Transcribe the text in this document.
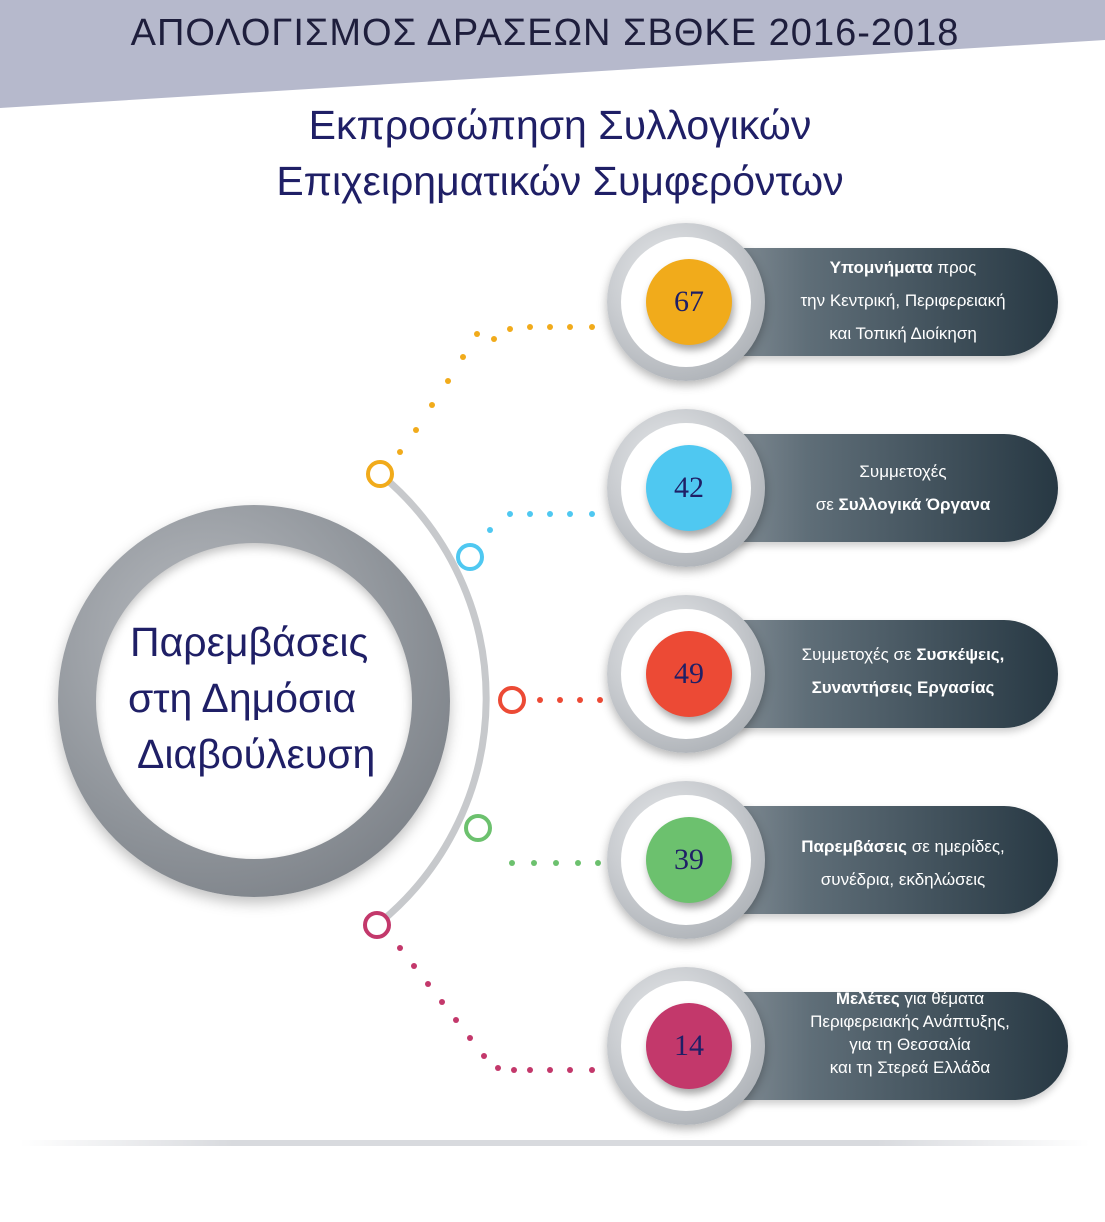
ΑΠΟΛΟΓΙΣΜΟΣ ΔΡΑΣΕΩΝ ΣΒΘΚΕ 2016-2018
Εκπροσώπηση Συλλογικών
Επιχειρηματικών Συμφερόντων
Παρεμβάσεις
στη Δημόσια
Διαβούλευση
67
Υπομνήματα προς
την Κεντρική, Περιφερειακή
και Τοπική Διοίκηση
42	Συμμετοχές
σε Συλλογικά Όργανα
49
Συμμετοχές σε Συσκέψεις,
Συναντήσεις Εργασίας
39	Παρεμβάσεις σε ημερίδες,
συνέδρια, εκδηλώσεις
14
Μελέτες για θέματα
Περιφερειακής Ανάπτυξης,
για τη Θεσσαλία
και τη Στερεά Ελλάδα
